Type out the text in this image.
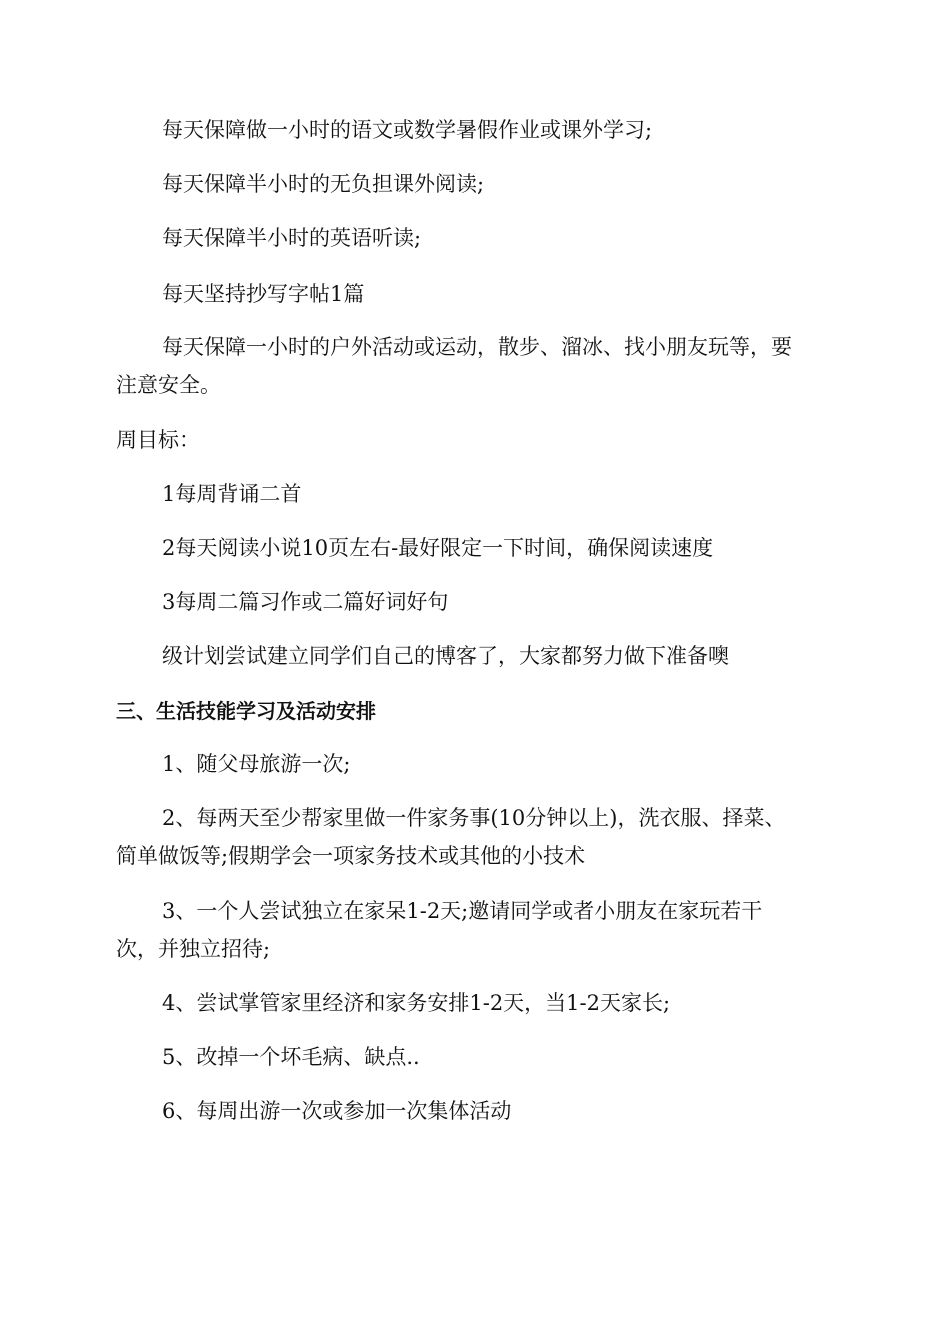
每天保障做一小时的语文或数学暑假作业或课外学习;
每天保障半小时的无负担课外阅读;
每天保障半小时的英语听读;
每天坚持抄写字帖1篇
每天保障一小时的户外活动或运动，散步、溜冰、找小朋友玩等，要
注意安全。
周目标：
1每周背诵二首
2每天阅读小说10页左右-最好限定一下时间，确保阅读速度
3每周二篇习作或二篇好词好句
级计划尝试建立同学们自己的博客了，大家都努力做下准备噢
三、生活技能学习及活动安排
1、随父母旅游一次;
2、每两天至少帮家里做一件家务事(10分钟以上)，洗衣服、择菜、
简单做饭等;假期学会一项家务技术或其他的小技术
3、一个人尝试独立在家呆1-2天;邀请同学或者小朋友在家玩若干
次，并独立招待;
4、尝试掌管家里经济和家务安排1-2天，当1-2天家长;
5、改掉一个坏毛病、缺点..
6、每周出游一次或参加一次集体活动
